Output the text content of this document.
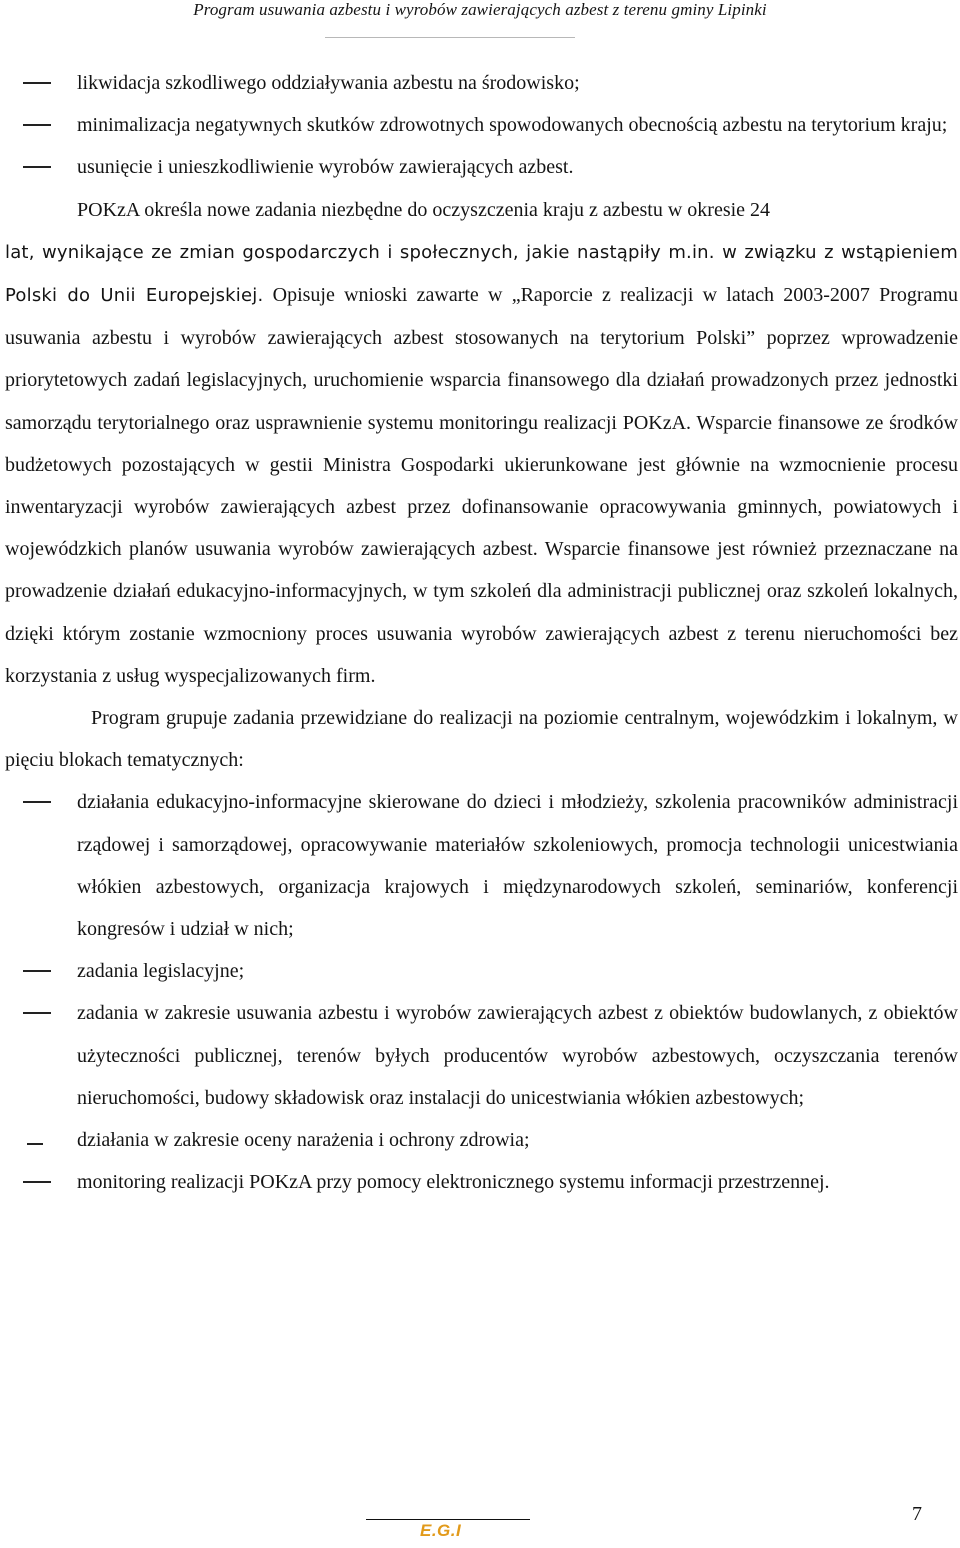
Program usuwania azbestu i wyrobów zawierających azbest z terenu gminy Lipinki
likwidacja szkodliwego oddziaływania azbestu na środowisko;
minimalizacja negatywnych skutków zdrowotnych spowodowanych obecnością azbestu na terytorium kraju;
usunięcie i unieszkodliwienie wyrobów zawierających azbest.
POKzA określa nowe zadania niezbędne do oczyszczenia kraju z azbestu w okresie 24
lat, wynikające ze zmian gospodarczych i społecznych, jakie nastąpiły m.in. w związku z wstąpieniem Polski do Unii Europejskiej. Opisuje wnioski zawarte w „Raporcie z realizacji w latach 2003-2007 Programu usuwania azbestu i wyrobów zawierających azbest stosowanych na terytorium Polski” poprzez wprowadzenie priorytetowych zadań legislacyjnych, uruchomienie wsparcia finansowego dla działań prowadzonych przez jednostki samorządu terytorialnego oraz usprawnienie systemu monitoringu realizacji POKzA. Wsparcie finansowe ze środków budżetowych pozostających w gestii Ministra Gospodarki ukierunkowane jest głównie na wzmocnienie procesu inwentaryzacji wyrobów zawierających azbest przez dofinansowanie opracowywania gminnych, powiatowych i wojewódzkich planów usuwania wyrobów zawierających azbest. Wsparcie finansowe jest również przeznaczane na prowadzenie działań edukacyjno-informacyjnych, w tym szkoleń dla administracji publicznej oraz szkoleń lokalnych, dzięki którym zostanie wzmocniony proces usuwania wyrobów zawierających azbest z terenu nieruchomości bez korzystania z usług wyspecjalizowanych firm.
Program grupuje zadania przewidziane do realizacji na poziomie centralnym, wojewódzkim i lokalnym, w pięciu blokach tematycznych:
działania edukacyjno-informacyjne skierowane do dzieci i młodzieży, szkolenia pracowników administracji rządowej i samorządowej, opracowywanie materiałów szkoleniowych, promocja technologii unicestwiania włókien azbestowych, organizacja krajowych i międzynarodowych szkoleń, seminariów, konferencji kongresów i udział w nich;
zadania legislacyjne;
zadania w zakresie usuwania azbestu i wyrobów zawierających azbest z obiektów budowlanych, z obiektów użyteczności publicznej, terenów byłych producentów wyrobów azbestowych, oczyszczania terenów nieruchomości, budowy składowisk oraz instalacji do unicestwiania włókien azbestowych;
działania w zakresie oceny narażenia i ochrony zdrowia;
monitoring realizacji POKzA przy pomocy elektronicznego systemu informacji przestrzennej.
E.G.I
7
